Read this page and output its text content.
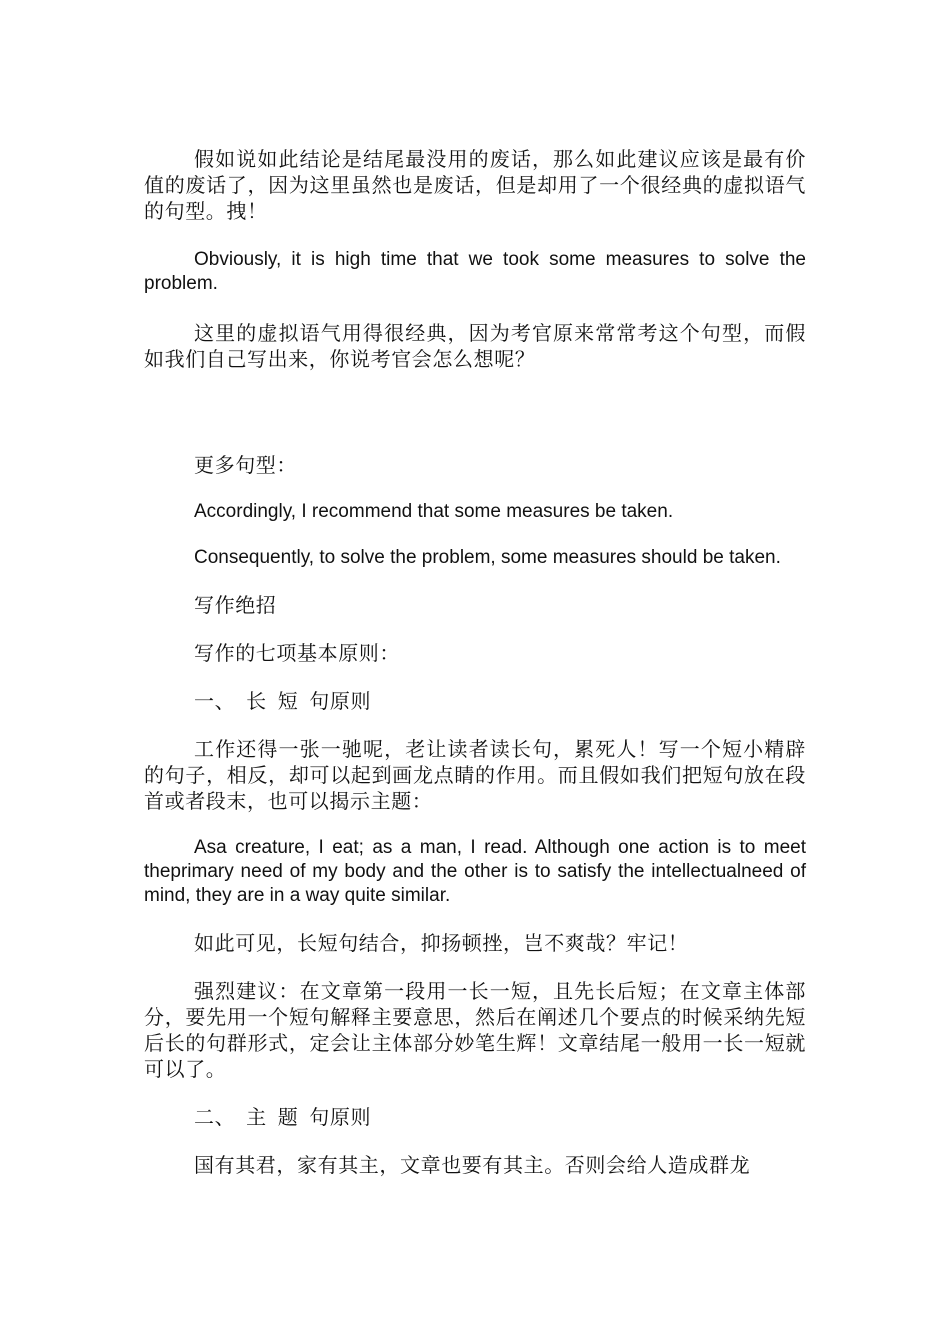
假如说如此结论是结尾最没用的废话，那么如此建议应该是最有价值的废话了，因为这里虽然也是废话，但是却用了一个很经典的虚拟语气的句型。拽！

Obviously, it is high time that we took some measures to solve the problem.

这里的虚拟语气用得很经典，因为考官原来常常考这个句型，而假如我们自己写出来，你说考官会怎么想呢？

更多句型：

Accordingly, I recommend that some measures be taken.

Consequently, to solve the problem, some measures should be taken.

写作绝招

写作的七项基本原则：

一、 长 短 句原则

工作还得一张一驰呢，老让读者读长句，累死人！写一个短小精辟的句子，相反，却可以起到画龙点睛的作用。而且假如我们把短句放在段首或者段末，也可以揭示主题：

Asa creature, I eat; as a man, I read. Although one action is to meet theprimary need of my body and the other is to satisfy the intellectualneed of mind, they are in a way quite similar.

如此可见，长短句结合，抑扬顿挫，岂不爽哉？牢记！

强烈建议：在文章第一段用一长一短，且先长后短；在文章主体部分，要先用一个短句解释主要意思，然后在阐述几个要点的时候采纳先短后长的句群形式，定会让主体部分妙笔生辉！文章结尾一般用一长一短就可以了。

二、 主 题 句原则

国有其君，家有其主，文章也要有其主。否则会给人造成群龙
